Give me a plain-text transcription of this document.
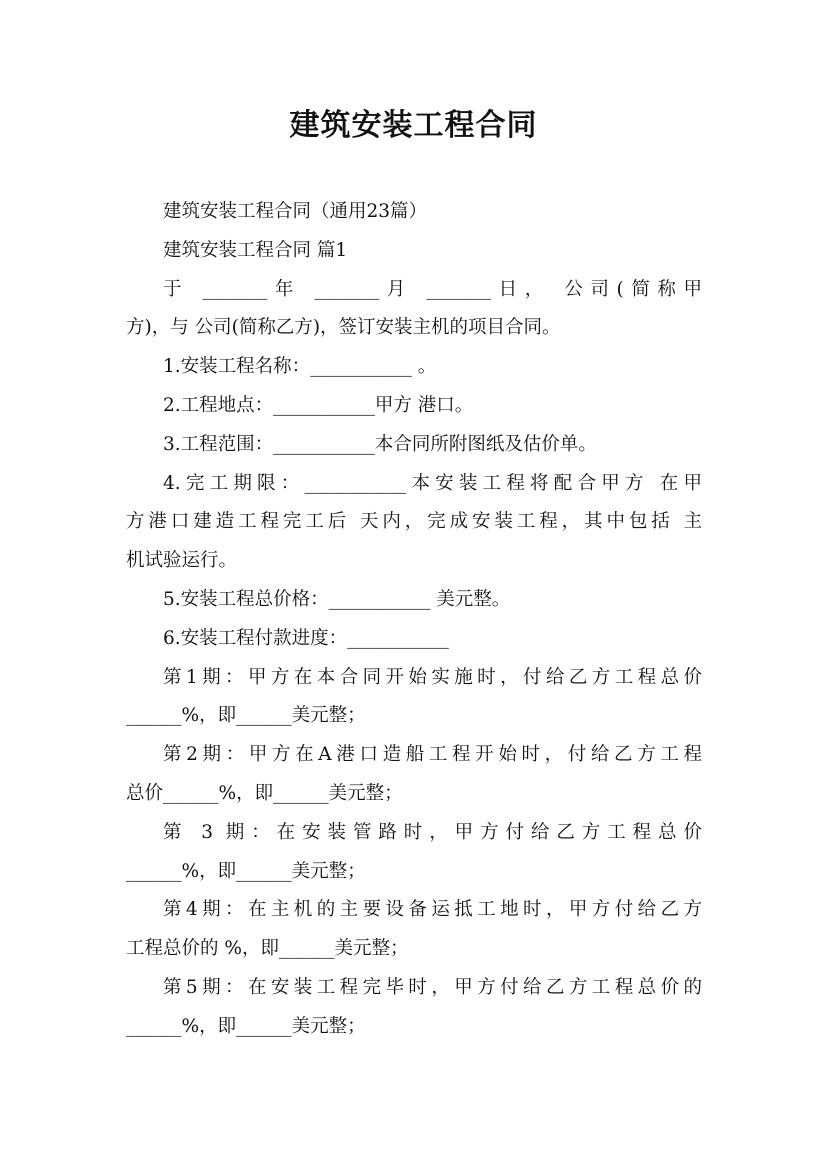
建筑安装工程合同
建筑安装工程合同（通用23篇）
建筑安装工程合同 篇1
于 _______年 _______月 _______日， 公司(简称甲
方)，与 公司(简称乙方)，签订安装主机的项目合同。
1.安装工程名称：___________ 。
2.工程地点：___________甲方 港口。
3.工程范围：___________本合同所附图纸及估价单。
4.完工期限：___________本安装工程将配合甲方 在甲
方港口建造工程完工后 天内，完成安装工程，其中包括 主
机试验运行。
5.安装工程总价格：___________ 美元整。
6.安装工程付款进度：___________
第1期：甲方在本合同开始实施时，付给乙方工程总价
______%，即______美元整；
第2期：甲方在A港口造船工程开始时，付给乙方工程
总价______%，即______美元整；
第 3 期：在安装管路时，甲方付给乙方工程总价
______%，即______美元整；
第4期：在主机的主要设备运抵工地时，甲方付给乙方
工程总价的 %，即______美元整；
第5期：在安装工程完毕时，甲方付给乙方工程总价的
______%，即______美元整；
